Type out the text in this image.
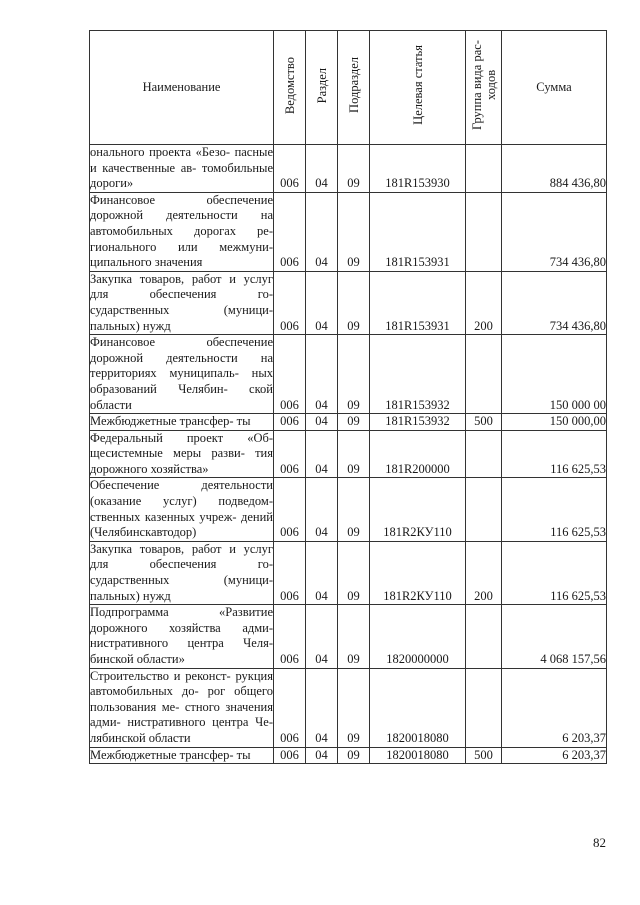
Наименование	Ведомство	Раздел	Подраздел	Целевая статья	Группа вида рас- ходов	Сумма
онального проекта «Безо- пасные и качественные ав- томобильные дороги»	006	04	09	181R153930		884 436,80
Финансовое обеспечение дорожной деятельности на автомобильных дорогах ре- гионального или межмуни- ципального значения	006	04	09	181R153931		734 436,80
Закупка товаров, работ и услуг для обеспечения го- сударственных (муници- пальных) нужд	006	04	09	181R153931	200	734 436,80
Финансовое обеспечение дорожной деятельности на территориях муниципаль- ных образований Челябин- ской области	006	04	09	181R153932		150 000 00
Межбюджетные трансфер- ты	006	04	09	181R153932	500	150 000,00
Федеральный проект «Об- щесистемные меры разви- тия дорожного хозяйства»	006	04	09	181R200000		116 625,53
Обеспечение деятельности (оказание услуг) подведом- ственных казенных учреж- дений (Челябинскавтодор)	006	04	09	181R2КУ110		116 625,53
Закупка товаров, работ и услуг для обеспечения го- сударственных (муници- пальных) нужд	006	04	09	181R2КУ110	200	116 625,53
Подпрограмма «Развитие дорожного хозяйства адми- нистративного центра Челя- бинской области»	006	04	09	1820000000		4 068 157,56
Строительство и реконст- рукция автомобильных до- рог общего пользования ме- стного значения адми- нистративного центра Че- лябинской области	006	04	09	1820018080		6 203,37
Межбюджетные трансфер- ты	006	04	09	1820018080	500	6 203,37
82
